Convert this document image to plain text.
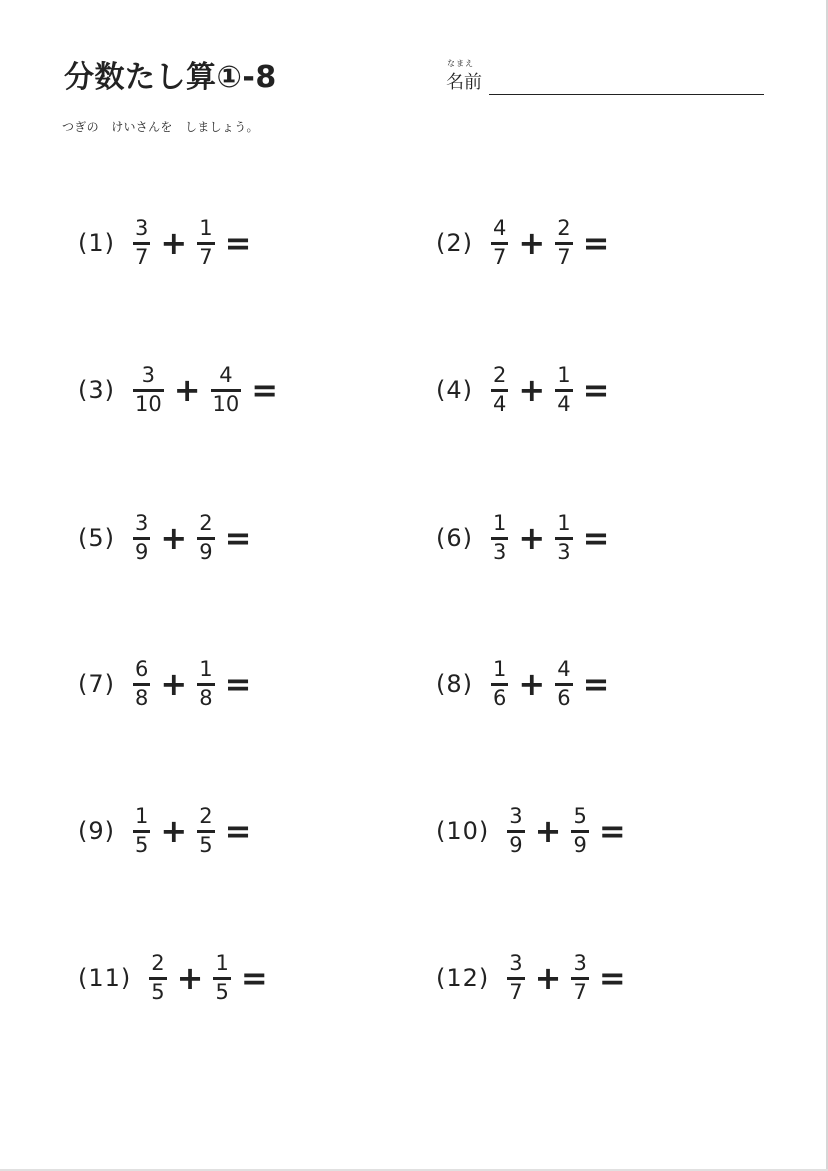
分数たし算①-8	なまえ
名前
つぎの　けいさんを　しましょう。
$(1) \frac{3}{7} + \frac{1}{7}$ =	$(2) \frac{4}{7} + \frac{2}{7}$ =
$(3) \frac{3}{10} + \frac{4}{10}$ =	$(4) \frac{2}{4} + \frac{1}{4}$ =
$(5) \frac{3}{9} + \frac{2}{9}$ =	$(6) \frac{1}{3} + \frac{1}{3}$ =
$(7) \frac{6}{8} + \frac{1}{8}$ =	$(8) \frac{1}{6} + \frac{4}{6}$ =
$(9) \frac{1}{5} + \frac{2}{5}$ =	$(10) \frac{3}{9} + \frac{5}{9}$ =
$(11) \frac{2}{5} + \frac{1}{5}$ =	$(12) \frac{3}{7} + \frac{3}{7}$ =
